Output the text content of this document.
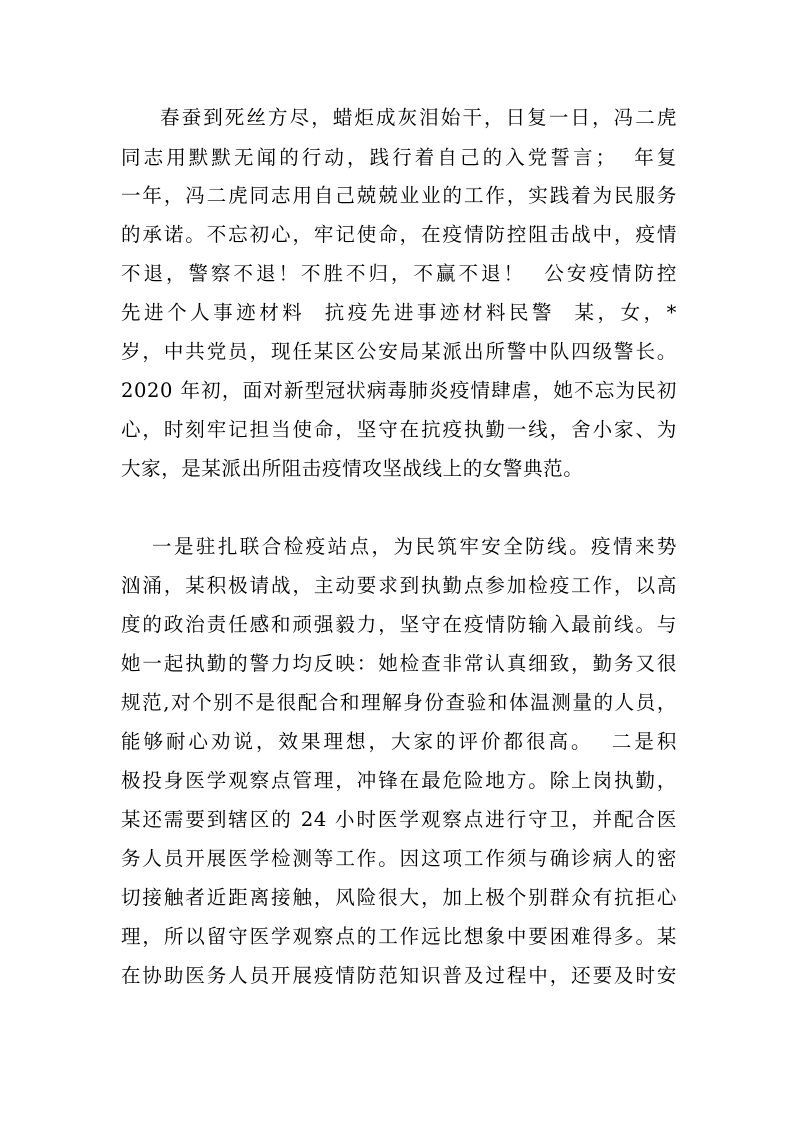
春蚕到死丝方尽，蜡炬成灰泪始干，日复一日，冯二虎
同志用默默无闻的行动，践行着自己的入党誓言；  年复
一年，冯二虎同志用自己兢兢业业的工作，实践着为民服务
的承诺。不忘初心，牢记使命，在疫情防控阻击战中，疫情
不退，警察不退！不胜不归，不赢不退！  公安疫情防控
先进个人事迹材料  抗疫先进事迹材料民警  某，女，*
岁，中共党员，现任某区公安局某派出所警中队四级警长。
2020 年初，面对新型冠状病毒肺炎疫情肆虐，她不忘为民初
心，时刻牢记担当使命，坚守在抗疫执勤一线，舍小家、为
大家，是某派出所阻击疫情攻坚战线上的女警典范。
一是驻扎联合检疫站点，为民筑牢安全防线。疫情来势
汹涌，某积极请战，主动要求到执勤点参加检疫工作，以高
度的政治责任感和顽强毅力，坚守在疫情防输入最前线。与
她一起执勤的警力均反映：她检查非常认真细致，勤务又很
规范,对个别不是很配合和理解身份查验和体温测量的人员，
能够耐心劝说，效果理想，大家的评价都很高。  二是积
极投身医学观察点管理，冲锋在最危险地方。除上岗执勤，
某还需要到辖区的 24 小时医学观察点进行守卫，并配合医
务人员开展医学检测等工作。因这项工作须与确诊病人的密
切接触者近距离接触，风险很大，加上极个别群众有抗拒心
理，所以留守医学观察点的工作远比想象中要困难得多。某
在协助医务人员开展疫情防范知识普及过程中，还要及时安
